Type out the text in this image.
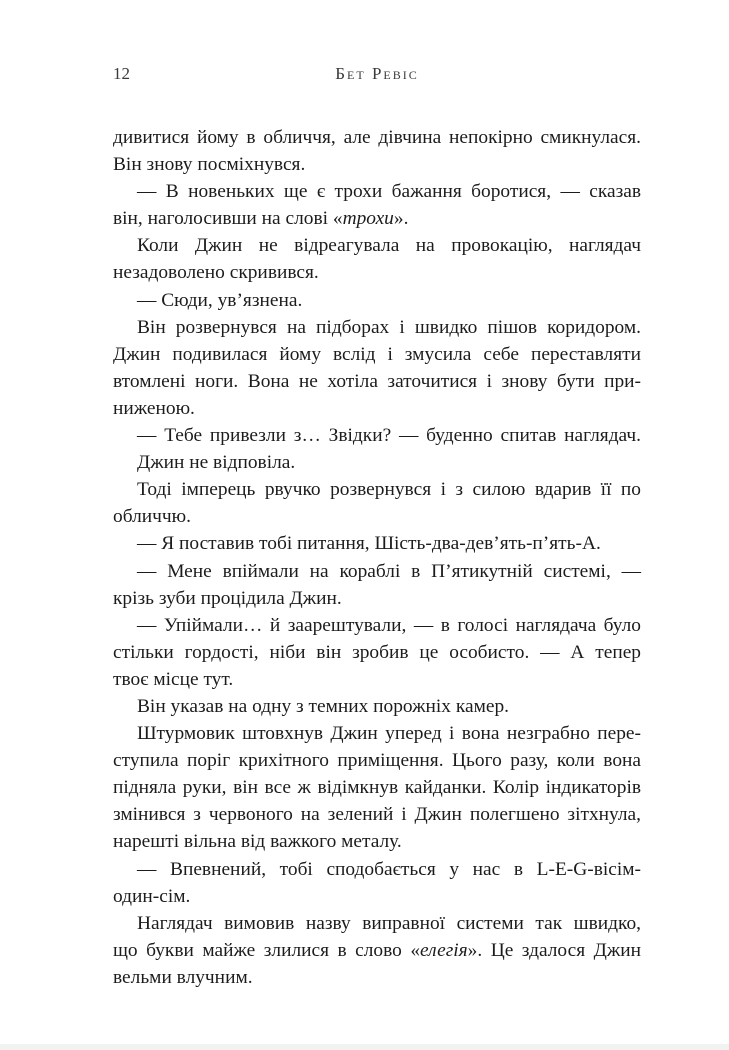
12	Бет Ревіс
дивитися йому в обличчя, але дівчина непокірно смикнулася.
Він знову посміхнувся.
— В новеньких ще є трохи бажання боротися, — сказав
він, наголосивши на слові «трохи».
Коли Джин не відреагувала на провокацію, наглядач
незадоволено скривився.
— Сюди, ув’язнена.
Він розвернувся на підборах і швидко пішов коридором.
Джин подивилася йому вслід і змусила себе переставляти
втомлені ноги. Вона не хотіла заточитися і знову бути при-
ниженою.
— Тебе привезли з… Звідки? — буденно спитав наглядач.
Джин не відповіла.
Тоді імперець рвучко розвернувся і з силою вдарив її по
обличчю.
— Я поставив тобі питання, Шість-два-дев’ять-п’ять-А.
— Мене впіймали на кораблі в П’ятикутній системі, —
крізь зуби процідила Джин.
— Упіймали… й заарештували, — в голосі наглядача було
стільки гордості, ніби він зробив це особисто. — А тепер
твоє місце тут.
Він указав на одну з темних порожніх камер.
Штурмовик штовхнув Джин уперед і вона незграбно пере-
ступила поріг крихітного приміщення. Цього разу, коли вона
підняла руки, він все ж відімкнув кайданки. Колір індикаторів
змінився з червоного на зелений і Джин полегшено зітхнула,
нарешті вільна від важкого металу.
— Впевнений, тобі сподобається у нас в L-E-G-вісім-
один-сім.
Наглядач вимовив назву виправної системи так швидко,
що букви майже злилися в слово «елегія». Це здалося Джин
вельми влучним.
